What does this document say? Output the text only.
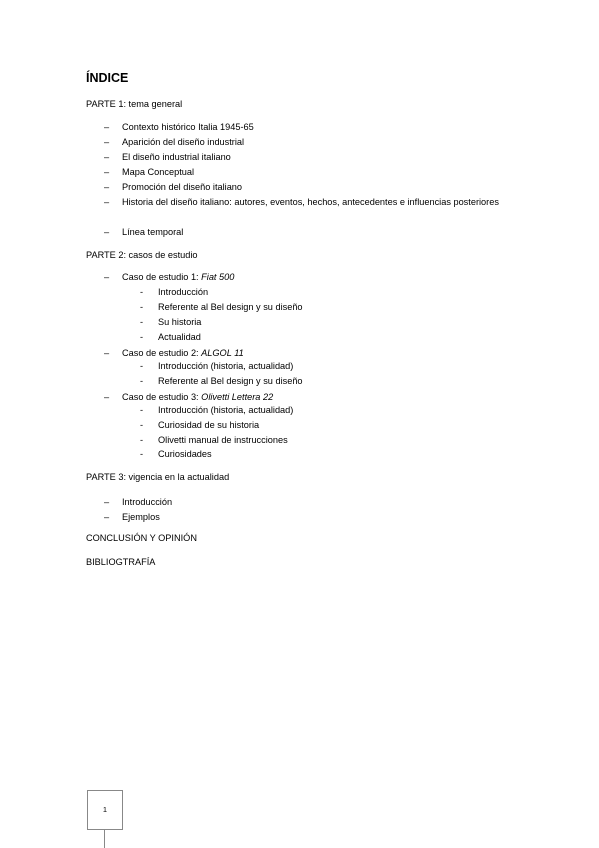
ÍNDICE
PARTE 1: tema general
– Contexto histórico Italia 1945-65
– Aparición del diseño industrial
– El diseño industrial italiano
– Mapa Conceptual
– Promoción del diseño italiano
– Historia del diseño italiano: autores, eventos, hechos, antecedentes e influencias posteriores
– Línea temporal
PARTE 2: casos de estudio
– Caso de estudio 1: Fiat 500
- Introducción
- Referente al Bel design y su diseño
- Su historia
- Actualidad
– Caso de estudio 2: ALGOL 11
- Introducción (historia, actualidad)
- Referente al Bel design y su diseño
– Caso de estudio 3: Olivetti Lettera 22
- Introducción (historia, actualidad)
- Curiosidad de su historia
- Olivetti manual de instrucciones
- Curiosidades
PARTE 3: vigencia en la actualidad
– Introducción
– Ejemplos
CONCLUSIÓN Y OPINIÓN
BIBLIOGTRAFÍA
1
